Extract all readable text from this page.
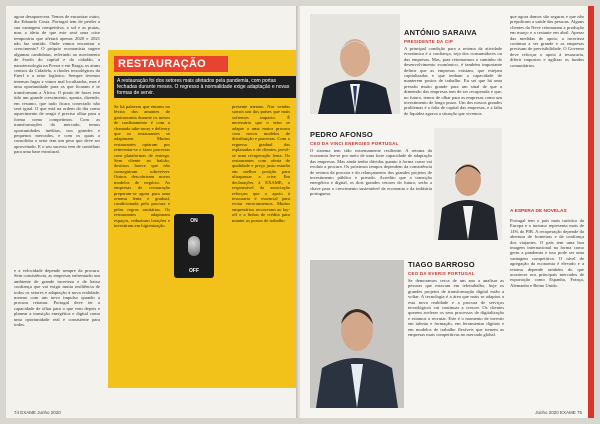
agora desaparecera. Temos de encontrar outro, diz Eduardo Costa. Portugal tem de perder a sua vantagem competitiva, o sol e as praias, mas a ideia de que este será uma crise temporária que afetará apenas 2020 e 2021 não faz sentido. Onde vamos encontrar o crescimento? O próprio economista sugere algumas candidatas, referindo ao movimento de êxodo do capital e do cidadão, a nanotecnologia na Povoa e em Braga, os atuns centros da Cidadela, a rhodes tecnológicos da Enerl e a setor logístico. Sempre tivemos imensas fugas e vimos mal localizadas, mas é uma oportunidade para os que ficaram e se transformam a África. O ponto de fuxes tem tido um grande crescimento, aponta, dizendo, em resumo, que tudo ficara conectado não será igual. O que está na ordem do dia como aquecimento de reagir é preciso olhar para a forma como competimos. Com as transformações do mercado, temos oportunidades inéditas, nos grandes e pequenos mercados, e com os quais a consolidar o setor tem um peso que deve ser aproveitado. E o seu sucesso tem de contribuir para uma base estrutural.
e a velocidade depende sempre da procura. Sem consistência, as empresas enfrentarão um ambiente de grande incerteza e de baixa confiança que vai exigir muita resiliência de todos os setores e adaptação à nova realidade, mesmo com um novo impulso quando a procura retomar. Portugal deve ter a capacidade de olhar para o que vem depois e planear a transição energética e digital como uma oportunidade real e consistente para todos.
RESTAURAÇÃO
A restauração foi dos setores mais afetados pela pandemia, com portas fechadas durante meses. O regresso à normalidade exige adaptação e novas formas de servir.
Se há palavras que entram no léxico dos amantes de gastronomia durante os meses de confinamento é com a chamada take-away e delivery que os restaurantes se adaptaram. Muitos restaurantes optaram por reinventar-se e fazer parcerias com plataformas de entrega. Sem cliente ao balcão, destinos houve que não conseguiram sobreviver. Outros descobriram novos modelos de negócio. As empresas de restauração preparam-se agora para uma retoma lenta e gradual, condicionada pela procura e pelas regras sanitárias. Os restaurantes adaptaram espaços, reduziram lotações e investiram em higienização.
presente mesmo. Nas vendas somos um dos países que mais sofremos impacto. É necessário que o setor se adapte a uma maior procura com novos modelos de distribuição e parcerias. Com o regresso gradual das esplanadas e de clientes, prevê-se uma recuperação lenta. Os restaurantes com oferta de qualidade e preço justo estarão em melhor posição para ultrapassar a crise. Em declarações à EXAME, o responsável da associação reforçou que o apoio à tesouraria é essencial para evitar encerramentos. Muitos empresários recorreram ao lay-off e a linhas de crédito para manter os postos de trabalho.
ON
OFF
74 EXAME Junho 2020
ANTÓNIO SARAIVA
PRESIDENTE DA CIP
A principal condição para a retoma da atividade económica é a confiança, seja dos consumidores ou das empresas. Mas, para retomarmos o caminho do desenvolvimento económico, é também importante definir que as empresas existam, que estejam capitalizadas e que tenham a capacidade de manterem postos de trabalho. Eu sei que há uma pressão muito grande para um sinal de que a dimensão das empresas tem de ser recuperada e que, no futuro, temos de olhar para as empresas como um investimento de longo prazo. Um dos nossos grandes problemas é a falta de capital das empresas, e a falta de liquidez agrava a situação que vivemos.
PEDRO AFONSO
CEO DA VINCI ENERGIES PORTUGAL
O sistema tem sido extremamente resiliente. A retoma da economia fez-se por meio de uma forte capacidade de adaptação das empresas. Mas ainda tenho dúvidas quanto à forma como vai evoluir a procura. Os próximos tempos dependem da consistência de retoma da procura e do relançamento dos grandes projetos de investimento público e privado. Acredito que a transição energética e digital, os dois grandes vetores do futuro, serão a chave para o crescimento sustentável da economia e da indústria portuguesa.
TIAGO BARROSO
CEO DA EVERIS PORTUGAL
Se demoramos cerca de um ano a analisar as pessoas que estavam em teletrabalho, hoje os grandes projetos de transformação digital estão a voltar. A tecnologia é a área que mais se adaptou a esta nova realidade e a procura de serviços tecnológicos vai continuar a crescer. Os clientes querem acelerar os seus processos de digitalização e estamos a recrutar. Este é o momento de investir em talento e formação, em ferramentas digitais e em modelos de trabalho flexíveis que tornem as empresas mais competitivas no mercado global.
que agora damos são seguras e que não prejudicam a saúde das pessoas. Alguns clientes da Neve retomaram a produção em março e a restante em abril. Apesar das medidas de apoio, a incerteza continua a ser grande e as empresas precisam de previsibilidade. O Governo deve reforçar o apoio à tesouraria, diferir impostos e agilizar os fundos comunitários.
A ESPERA DE NOVELAS
Portugal tem o país mais turístico da Europa e o turismo representa mais de 14% do PIB. A recuperação depende da abertura de fronteiras e da confiança dos viajantes. O país tem uma boa imagem internacional na forma como geriu a pandemia e isso pode ser uma vantagem competitiva. O nível de agregação da economia é elevado e a retoma depende também do que acontecer nos principais mercados de exportação como Espanha, França, Alemanha e Reino Unido.
Junho 2020 EXAME 75
